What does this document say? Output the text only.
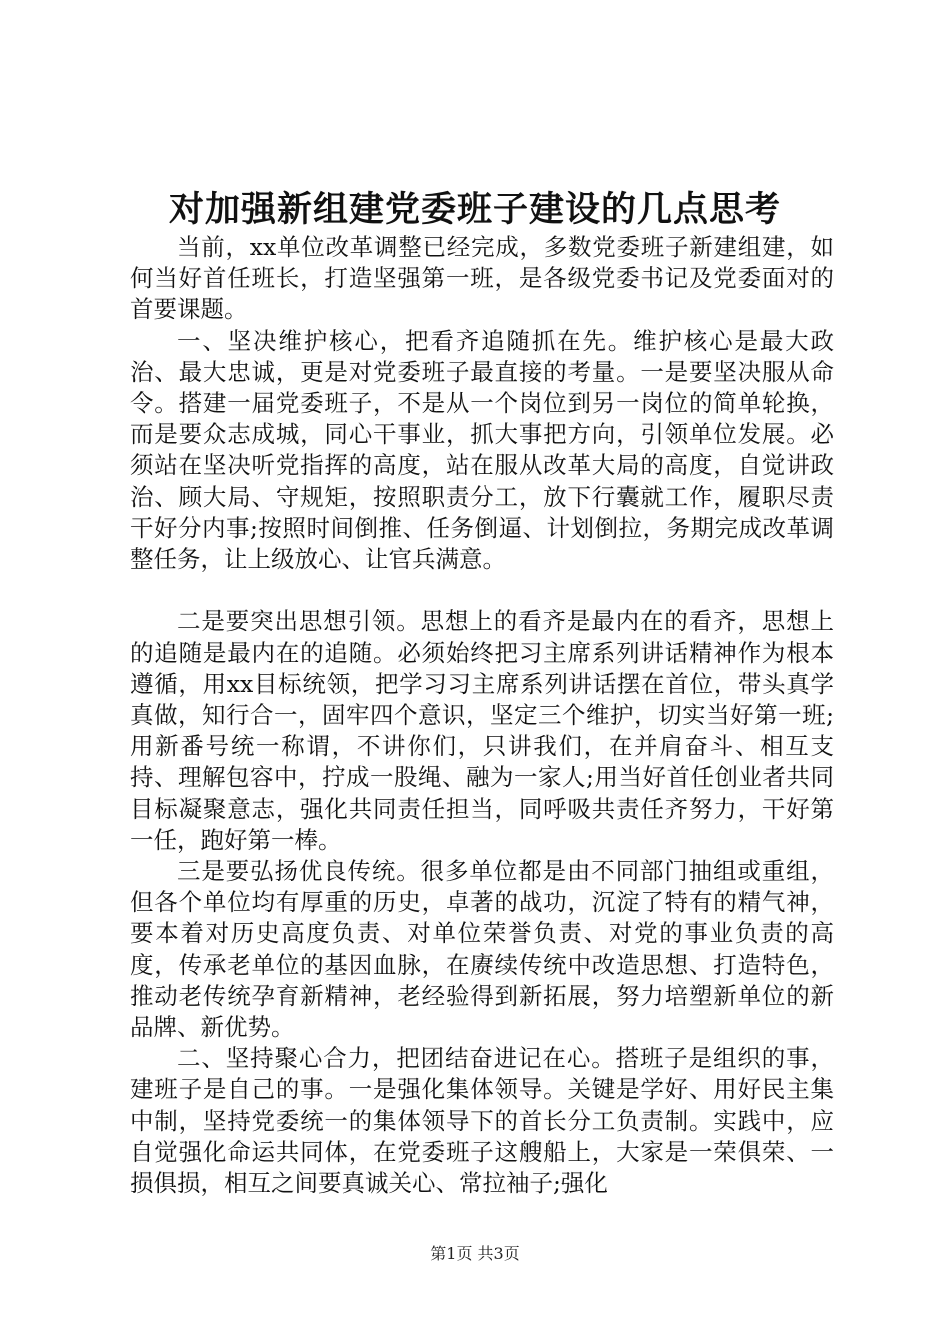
对加强新组建党委班子建设的几点思考

当前，xx单位改革调整已经完成，多数党委班子新建组建，如何当好首任班长，打造坚强第一班，是各级党委书记及党委面对的首要课题。

一、坚决维护核心，把看齐追随抓在先。维护核心是最大政治、最大忠诚，更是对党委班子最直接的考量。一是要坚决服从命令。搭建一届党委班子，不是从一个岗位到另一岗位的简单轮换，而是要众志成城，同心干事业，抓大事把方向，引领单位发展。必须站在坚决听党指挥的高度，站在服从改革大局的高度，自觉讲政治、顾大局、守规矩，按照职责分工，放下行囊就工作，履职尽责干好分内事;按照时间倒推、任务倒逼、计划倒拉，务期完成改革调整任务，让上级放心、让官兵满意。

二是要突出思想引领。思想上的看齐是最内在的看齐，思想上的追随是最内在的追随。必须始终把习主席系列讲话精神作为根本遵循，用xx目标统领，把学习习主席系列讲话摆在首位，带头真学真做，知行合一，固牢四个意识，坚定三个维护，切实当好第一班;用新番号统一称谓，不讲你们，只讲我们，在并肩奋斗、相互支持、理解包容中，拧成一股绳、融为一家人;用当好首任创业者共同目标凝聚意志，强化共同责任担当，同呼吸共责任齐努力，干好第一任，跑好第一棒。

三是要弘扬优良传统。很多单位都是由不同部门抽组或重组，但各个单位均有厚重的历史，卓著的战功，沉淀了特有的精气神，要本着对历史高度负责、对单位荣誉负责、对党的事业负责的高度，传承老单位的基因血脉，在赓续传统中改造思想、打造特色，推动老传统孕育新精神，老经验得到新拓展，努力培塑新单位的新品牌、新优势。

二、坚持聚心合力，把团结奋进记在心。搭班子是组织的事，建班子是自己的事。一是强化集体领导。关键是学好、用好民主集中制，坚持党委统一的集体领导下的首长分工负责制。实践中，应自觉强化命运共同体，在党委班子这艘船上，大家是一荣俱荣、一损俱损，相互之间要真诚关心、常拉袖子;强化

第1页 共3页
